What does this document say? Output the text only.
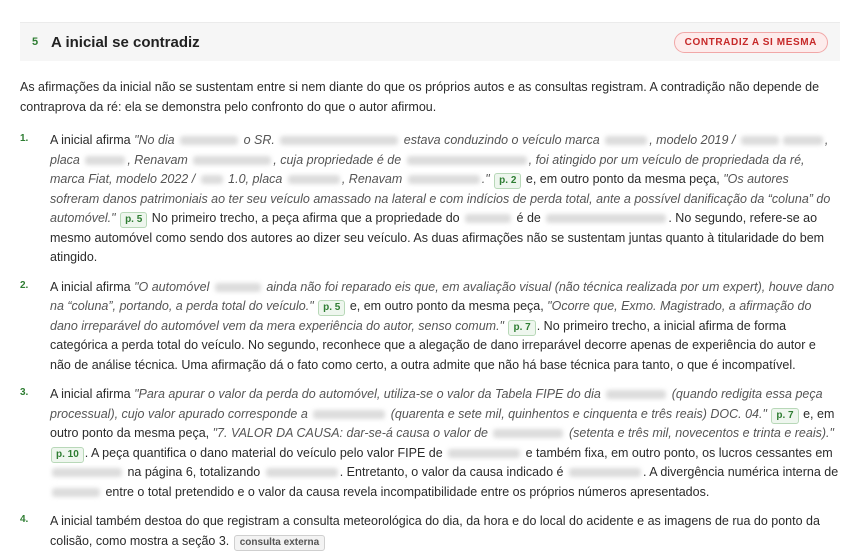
5 A inicial se contradiz	CONTRADIZ A SI MESMA

As afirmações da inicial não se sustentam entre si nem diante do que os próprios autos e as consultas registram. A contradição não depende de contraprova da ré: ela se demonstra pelo confronto do que o autor afirmou.

1.	A inicial afirma "No dia	o SR.	estava conduzindo o veículo marca	, modelo 2019 /	, placa	, Renavam	, cuja propriedade é de	, foi atingido por um veículo de propriedada da ré, marca Fiat, modelo 2022 /  1.0, placa	, Renavam	." p. 2 e, em outro ponto da mesma peça, "Os autores sofreram danos patrimoniais ao ter seu veículo amassado na lateral e com indícios de perda total, ante a possível danificação da “coluna” do automóvel." p. 5 No primeiro trecho, a peça afirma que a propriedade do	é de	. No segundo, refere-se ao mesmo automóvel como sendo dos autores ao dizer seu veículo. As duas afirmações não se sustentam juntas quanto à titularidade do bem atingido.
2.	A inicial afirma "O automóvel	ainda não foi reparado eis que, em avaliação visual (não técnica realizada por um expert), houve dano na “coluna”, portando, a perda total do veículo." p. 5 e, em outro ponto da mesma peça, "Ocorre que, Exmo. Magistrado, a afirmação do dano irreparável do automóvel vem da mera experiência do autor, senso comum." p. 7 . No primeiro trecho, a inicial afirma de forma categórica a perda total do veículo. No segundo, reconhece que a alegação de dano irreparável decorre apenas de experiência do autor e não de análise técnica. Uma afirmação dá o fato como certo, a outra admite que não há base técnica para tanto, o que é incompatível.
3.	A inicial afirma "Para apurar o valor da perda do automóvel, utiliza-se o valor da Tabela FIPE do dia	(quando redigita essa peça processual), cujo valor apurado corresponde a	(quarenta e sete mil, quinhentos e cinquenta e três reais) DOC. 04." p. 7 e, em outro ponto da mesma peça, "7. VALOR DA CAUSA: dar-se-á causa o valor de	(setenta e três mil, novecentos e trinta e reais)." p. 10 . A peça quantifica o dano material do veículo pelo valor FIPE de	e também fixa, em outro ponto, os lucros cessantes em  na página 6, totalizando	. Entretanto, o valor da causa indicado é	. A divergência numérica interna de  entre o total pretendido e o valor da causa revela incompatibilidade entre os próprios números apresentados.
4.	A inicial também destoa do que registram a consulta meteorológica do dia, da hora e do local do acidente e as imagens de rua do ponto da colisão, como mostra a seção 3. consulta externa
